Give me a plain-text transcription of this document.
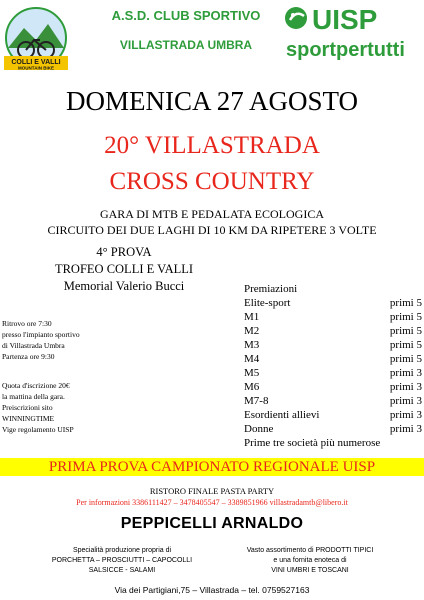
COLLI E VALLI
MOUNTAIN BIKE
A.S.D. CLUB SPORTIVO
VILLASTRADA UMBRA
UISP
sportpertutti
DOMENICA 27 AGOSTO
20° VILLASTRADA
CROSS COUNTRY
GARA DI MTB E PEDALATA ECOLOGICA
CIRCUITO DEI DUE LAGHI DI 10 KM DA RIPETERE 3 VOLTE
4° PROVA
TROFEO COLLI E VALLI
Memorial Valerio Bucci
Ritrovo ore 7:30
presso l'impianto sportivo
di Villastrada Umbra
Partenza ore 9:30
Quota d'iscrizione 20€
la mattina della gara.
Preiscrizioni sito
WINNINGTIME
Vige regolamento UISP
Premiazioni
Elite-sport	primi 5
M1	primi 5
M2	primi 5
M3	primi 5
M4	primi 5
M5	primi 3
M6	primi 3
M7-8	primi 3
Esordienti allievi	primi 3
Donne	primi 3
Prime tre società più numerose
PRIMA PROVA CAMPIONATO REGIONALE UISP
RISTORO FINALE PASTA PARTY
Per informazioni 3386111427 – 3478405547 – 3389851966 villastradamtb@libero.it
PEPPICELLI ARNALDO
Specialità produzione propria di
PORCHETTA – PROSCIUTTI – CAPOCOLLI
SALSICCE - SALAMI
Vasto assortimento di PRODOTTI TIPICI
e una fornita enoteca di
VINI UMBRI E TOSCANI
Via dei Partigiani,75 – Villastrada – tel. 0759527163
